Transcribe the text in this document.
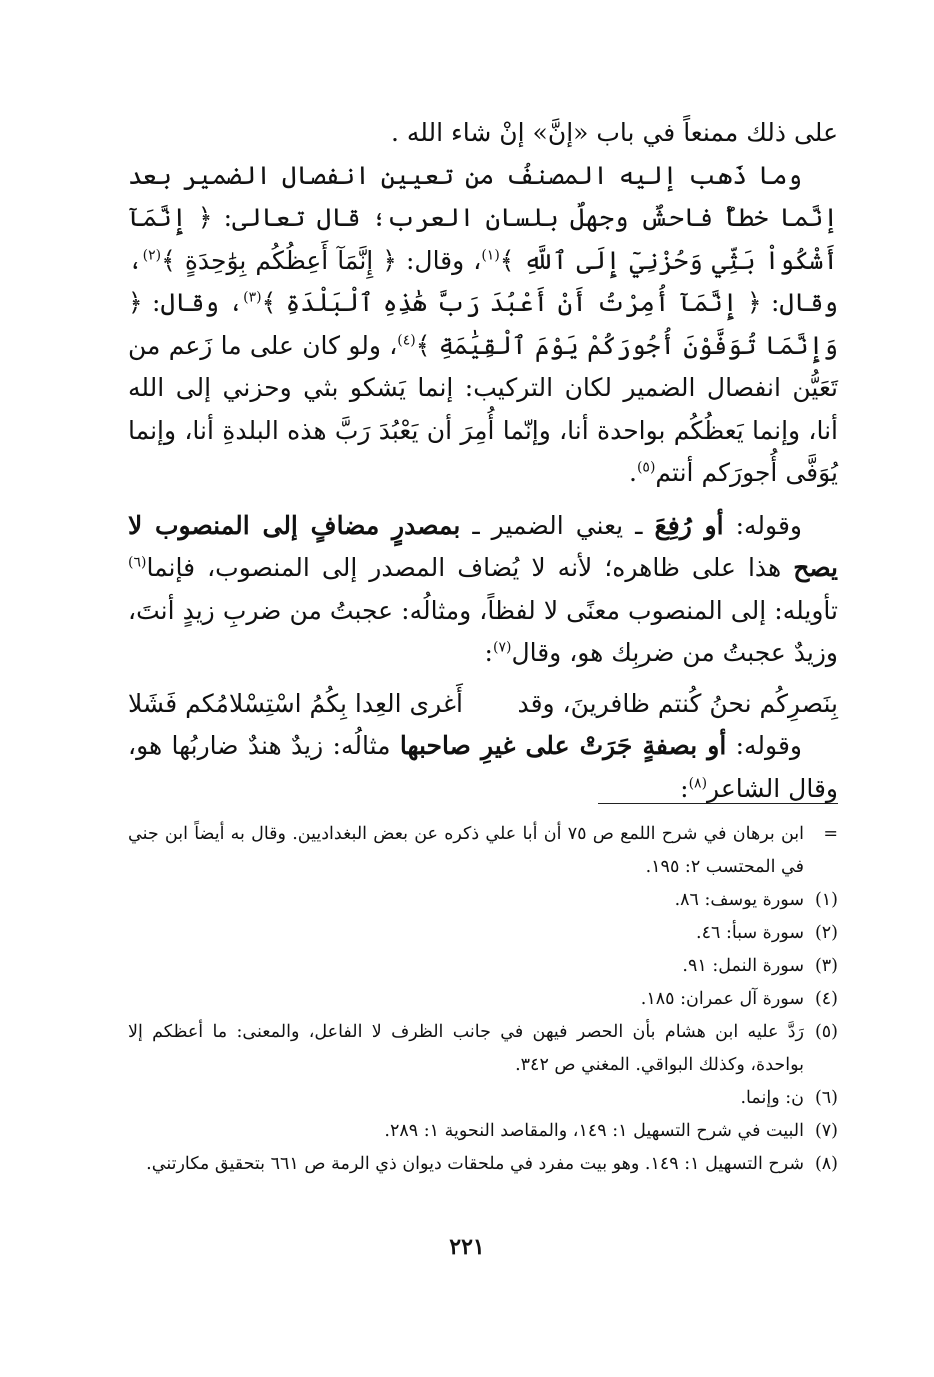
على ذلك ممنعاً في باب «إنَّ» إنْ شاء الله .

وما ذَهب إليه المصنفُ من تعيين انفصال الضمير بعد إنَّما خطأٌ فاحشٌ وجهلٌ بلسان العرب؛ قال تعالى: ﴿ إِنَّمَآ أَشْكُواْ بَثِّي وَحُزْنِيٓ إِلَى ٱللَّهِ ﴾$^{(١)}$، وقال: ﴿ إِنَّمَآ أَعِظُكُم بِوَٰحِدَةٍ ﴾$^{(٢)}$، وقال: ﴿ إِنَّمَآ أُمِرْتُ أَنْ أَعْبُدَ رَبَّ هَٰذِهِ ٱلْبَلْدَةِ ﴾$^{(٣)}$، وقال: ﴿ وَإِنَّمَا تُوَفَّوْنَ أُجُورَكُمْ يَوْمَ ٱلْقِيَٰمَةِ ﴾$^{(٤)}$، ولو كان على ما زَعم من تَعَيُّن انفصال الضمير لكان التركيب: إنما يَشكو بثي وحزني إلى الله أنا، وإنما يَعظُكُم بواحدة أنا، وإنّما أُمِرَ أن يَعْبُدَ رَبَّ هذه البلدةِ أنا، وإنما يُوَفَّى أُجورَكم أنتم$^{(٥)}$.

وقوله: أو رُفِعَ ـ يعني الضمير ـ بمصدرٍ مضافٍ إلى المنصوب لا يصح هذا على ظاهره؛ لأنه لا يُضاف المصدر إلى المنصوب، فإنما$^{(٦)}$ تأويله: إلى المنصوب معنًى لا لفظاً، ومثالُه: عجبتُ من ضربِ زيدٍ أنتَ، وزيدٌ عجبتُ من ضربِك هو، وقال$^{(٧)}$:

بِنَصرِكُم نحنُ كُنتم ظافرينَ، وقد
أَغرى العِدا بِكُمُ اسْتِسْلامُكم فَشَلا

وقوله: أو بصفةٍ جَرَتْ على غيرِ صاحبها مثالُه: زيدٌ هندٌ ضاربُها هو، وقال الشاعر$^{(٨)}$:

=
ابن برهان في شرح اللمع ص ٧٥ أن أبا علي ذكره عن بعض البغداديين. وقال به أيضاً ابن جني في المحتسب ٢: ١٩٥.
(١)
سورة يوسف: ٨٦.
(٢)
سورة سبأ: ٤٦.
(٣)
سورة النمل: ٩١.
(٤)
سورة آل عمران: ١٨٥.
(٥)
رَدَّ عليه ابن هشام بأن الحصر فيهن في جانب الظرف لا الفاعل، والمعنى: ما أعظكم إلا بواحدة، وكذلك البواقي. المغني ص ٣٤٢.
(٦)
ن: وإنما.
(٧)
البيت في شرح التسهيل ١: ١٤٩، والمقاصد النحوية ١: ٢٨٩.
(٨)
شرح التسهيل ١: ١٤٩. وهو بيت مفرد في ملحقات ديوان ذي الرمة ص ٦٦١ بتحقيق مكارتني.
٢٢١
